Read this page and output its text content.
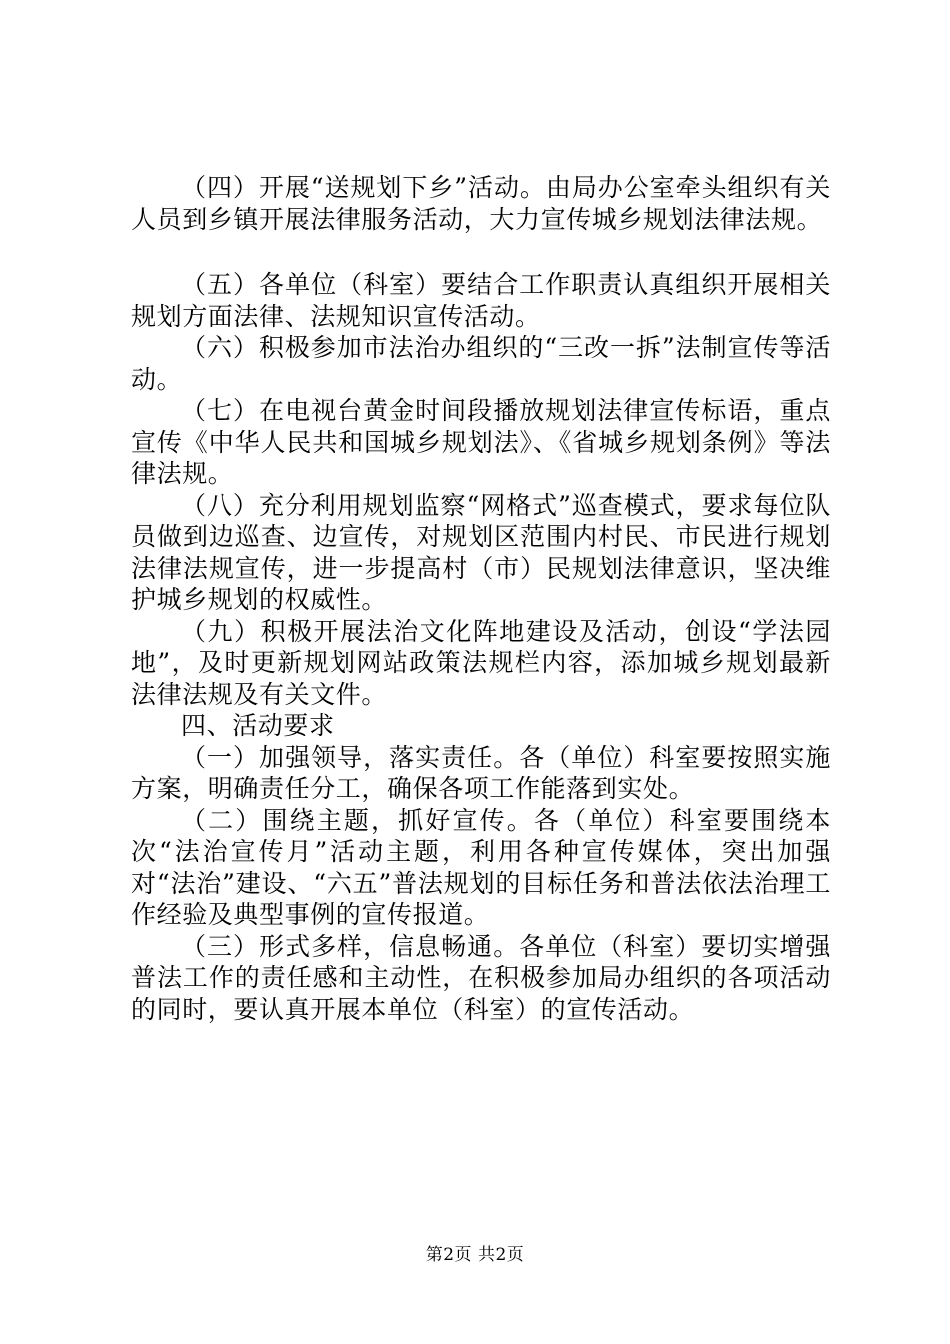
（四）开展“送规划下乡”活动。由局办公室牵头组织有关人员到乡镇开展法律服务活动，大力宣传城乡规划法律法规。

（五）各单位（科室）要结合工作职责认真组织开展相关规划方面法律、法规知识宣传活动。

（六）积极参加市法治办组织的“三改一拆”法制宣传等活动。

（七）在电视台黄金时间段播放规划法律宣传标语，重点宣传《中华人民共和国城乡规划法》、《省城乡规划条例》等法律法规。

（八）充分利用规划监察“网格式”巡查模式，要求每位队员做到边巡查、边宣传，对规划区范围内村民、市民进行规划法律法规宣传，进一步提高村（市）民规划法律意识，坚决维护城乡规划的权威性。

（九）积极开展法治文化阵地建设及活动，创设“学法园地”，及时更新规划网站政策法规栏内容，添加城乡规划最新法律法规及有关文件。

四、活动要求

（一）加强领导，落实责任。各（单位）科室要按照实施方案，明确责任分工，确保各项工作能落到实处。

（二）围绕主题，抓好宣传。各（单位）科室要围绕本次“法治宣传月”活动主题，利用各种宣传媒体，突出加强对“法治”建设、“六五”普法规划的目标任务和普法依法治理工作经验及典型事例的宣传报道。

（三）形式多样，信息畅通。各单位（科室）要切实增强普法工作的责任感和主动性，在积极参加局办组织的各项活动的同时，要认真开展本单位（科室）的宣传活动。

第2页 共2页
